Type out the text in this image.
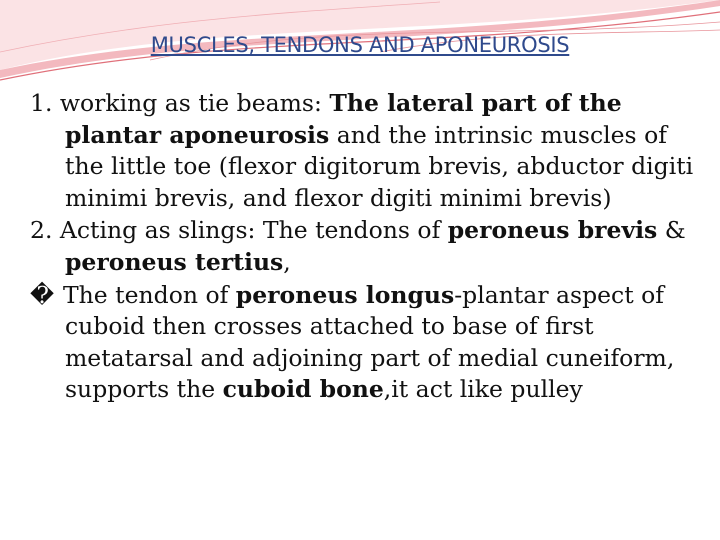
MUSCLES, TENDONS AND APONEUROSIS

1. working as tie beams: The lateral part of the plantar aponeurosis and the intrinsic muscles of the little toe (flexor digitorum brevis, abductor digiti minimi brevis, and flexor digiti minimi brevis)

2. Acting as slings: The tendons of peroneus brevis & peroneus tertius,

� The tendon of peroneus longus-plantar aspect of cuboid then crosses attached to base of first metatarsal and adjoining part of medial cuneiform, supports the cuboid bone,it act like pulley
